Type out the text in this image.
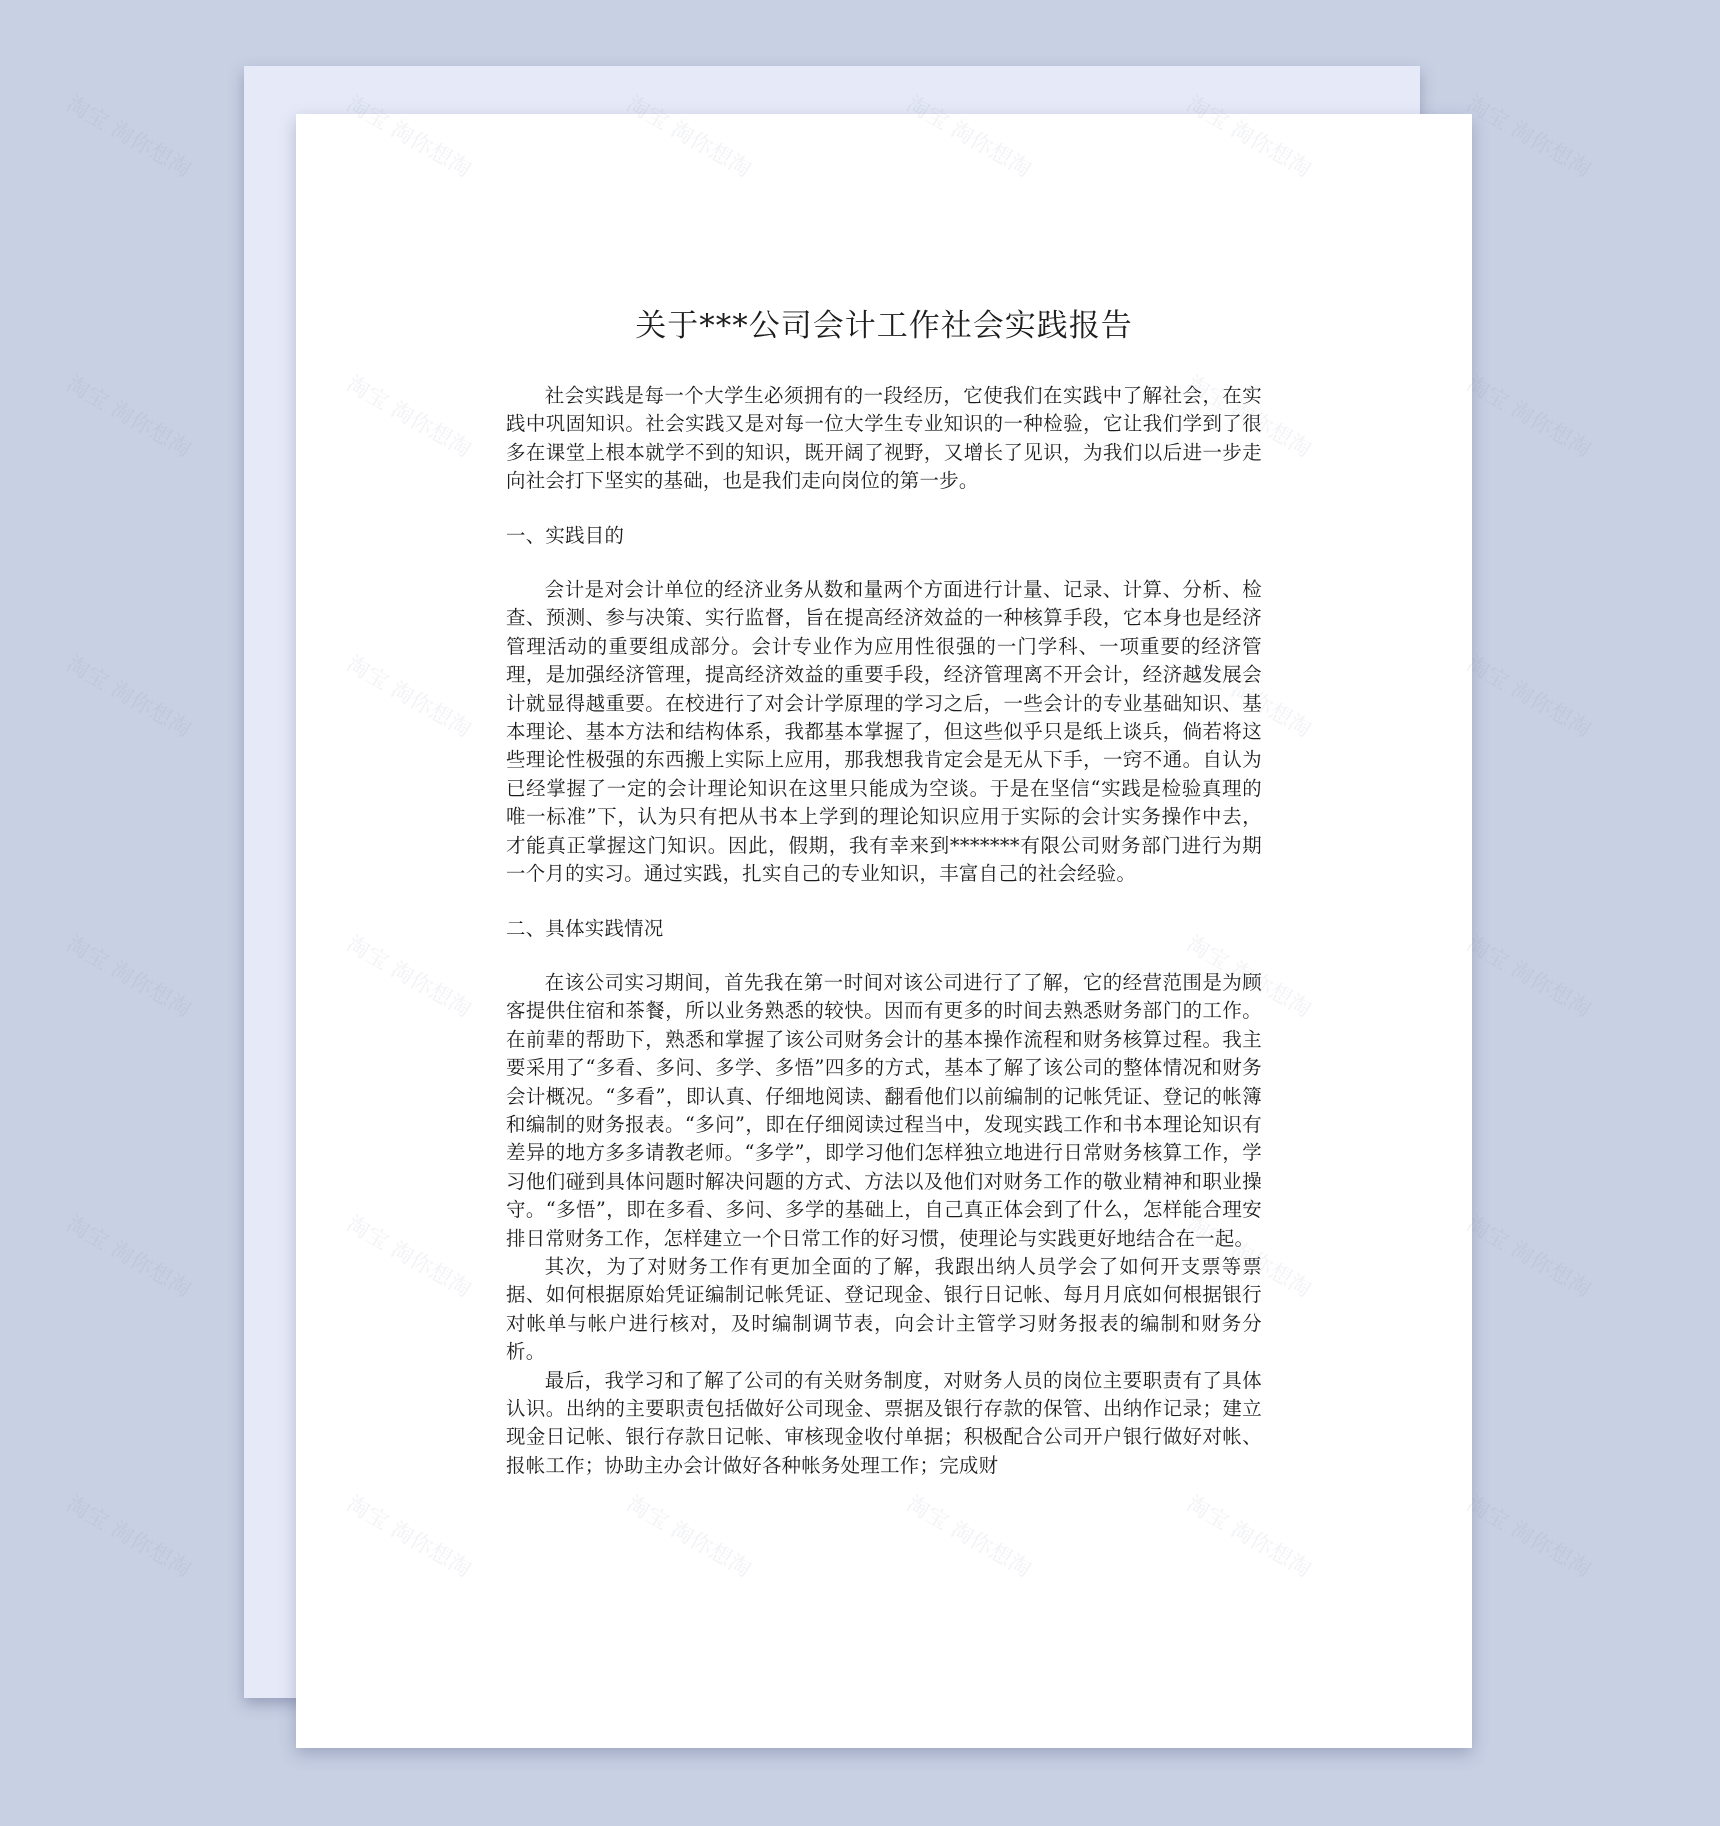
关于***公司会计工作社会实践报告

社会实践是每一个大学生必须拥有的一段经历，它使我们在实践中了解社会，在实践中巩固知识。社会实践又是对每一位大学生专业知识的一种检验，它让我们学到了很多在课堂上根本就学不到的知识，既开阔了视野，又增长了见识，为我们以后进一步走向社会打下坚实的基础，也是我们走向岗位的第一步。

一、实践目的

会计是对会计单位的经济业务从数和量两个方面进行计量、记录、计算、分析、检查、预测、参与决策、实行监督，旨在提高经济效益的一种核算手段，它本身也是经济管理活动的重要组成部分。会计专业作为应用性很强的一门学科、一项重要的经济管理，是加强经济管理，提高经济效益的重要手段，经济管理离不开会计，经济越发展会计就显得越重要。在校进行了对会计学原理的学习之后，一些会计的专业基础知识、基本理论、基本方法和结构体系，我都基本掌握了，但这些似乎只是纸上谈兵，倘若将这些理论性极强的东西搬上实际上应用，那我想我肯定会是无从下手，一窍不通。自认为已经掌握了一定的会计理论知识在这里只能成为空谈。于是在坚信“实践是检验真理的唯一标准”下，认为只有把从书本上学到的理论知识应用于实际的会计实务操作中去，才能真正掌握这门知识。因此，假期，我有幸来到*******有限公司财务部门进行为期一个月的实习。通过实践，扎实自己的专业知识，丰富自己的社会经验。

二、具体实践情况

在该公司实习期间，首先我在第一时间对该公司进行了了解，它的经营范围是为顾客提供住宿和茶餐，所以业务熟悉的较快。因而有更多的时间去熟悉财务部门的工作。在前辈的帮助下，熟悉和掌握了该公司财务会计的基本操作流程和财务核算过程。我主要采用了“多看、多问、多学、多悟”四多的方式，基本了解了该公司的整体情况和财务会计概况。“多看”，即认真、仔细地阅读、翻看他们以前编制的记帐凭证、登记的帐簿和编制的财务报表。“多问”，即在仔细阅读过程当中，发现实践工作和书本理论知识有差异的地方多多请教老师。“多学”，即学习他们怎样独立地进行日常财务核算工作，学习他们碰到具体问题时解决问题的方式、方法以及他们对财务工作的敬业精神和职业操守。“多悟”，即在多看、多问、多学的基础上，自己真正体会到了什么，怎样能合理安排日常财务工作，怎样建立一个日常工作的好习惯，使理论与实践更好地结合在一起。

其次，为了对财务工作有更加全面的了解，我跟出纳人员学会了如何开支票等票据、如何根据原始凭证编制记帐凭证、登记现金、银行日记帐、每月月底如何根据银行对帐单与帐户进行核对，及时编制调节表，向会计主管学习财务报表的编制和财务分析。

最后，我学习和了解了公司的有关财务制度，对财务人员的岗位主要职责有了具体认识。出纳的主要职责包括做好公司现金、票据及银行存款的保管、出纳作记录；建立现金日记帐、银行存款日记帐、审核现金收付单据；积极配合公司开户银行做好对帐、报帐工作；协助主办会计做好各种帐务处理工作；完成财

淘宝 淘你想淘	淘宝 淘你想淘
淘宝 淘你想淘	淘宝 淘你想淘
淘宝 淘你想淘	淘宝 淘你想淘
淘宝 淘你想淘	淘宝 淘你想淘
淘宝 淘你想淘	淘宝 淘你想淘
淘宝 淘你想淘	淘宝 淘你想淘
